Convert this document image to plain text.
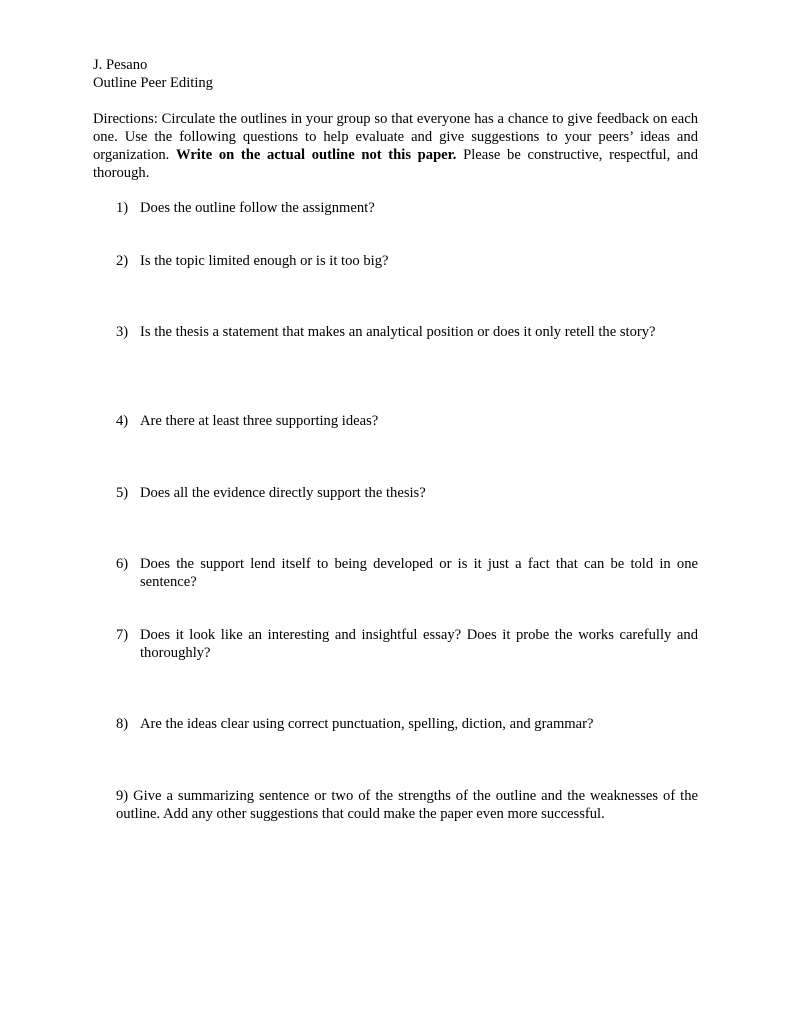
J. Pesano
Outline Peer Editing
Directions: Circulate the outlines in your group so that everyone has a chance to give feedback on each one. Use the following questions to help evaluate and give suggestions to your peers’ ideas and organization. Write on the actual outline not this paper. Please be constructive, respectful, and thorough.
1) Does the outline follow the assignment?
2) Is the topic limited enough or is it too big?
3) Is the thesis a statement that makes an analytical position or does it only retell the story?
4) Are there at least three supporting ideas?
5) Does all the evidence directly support the thesis?
6) Does the support lend itself to being developed or is it just a fact that can be told in one sentence?
7) Does it look like an interesting and insightful essay? Does it probe the works carefully and thoroughly?
8) Are the ideas clear using correct punctuation, spelling, diction, and grammar?
9) Give a summarizing sentence or two of the strengths of the outline and the weaknesses of the outline. Add any other suggestions that could make the paper even more successful.
